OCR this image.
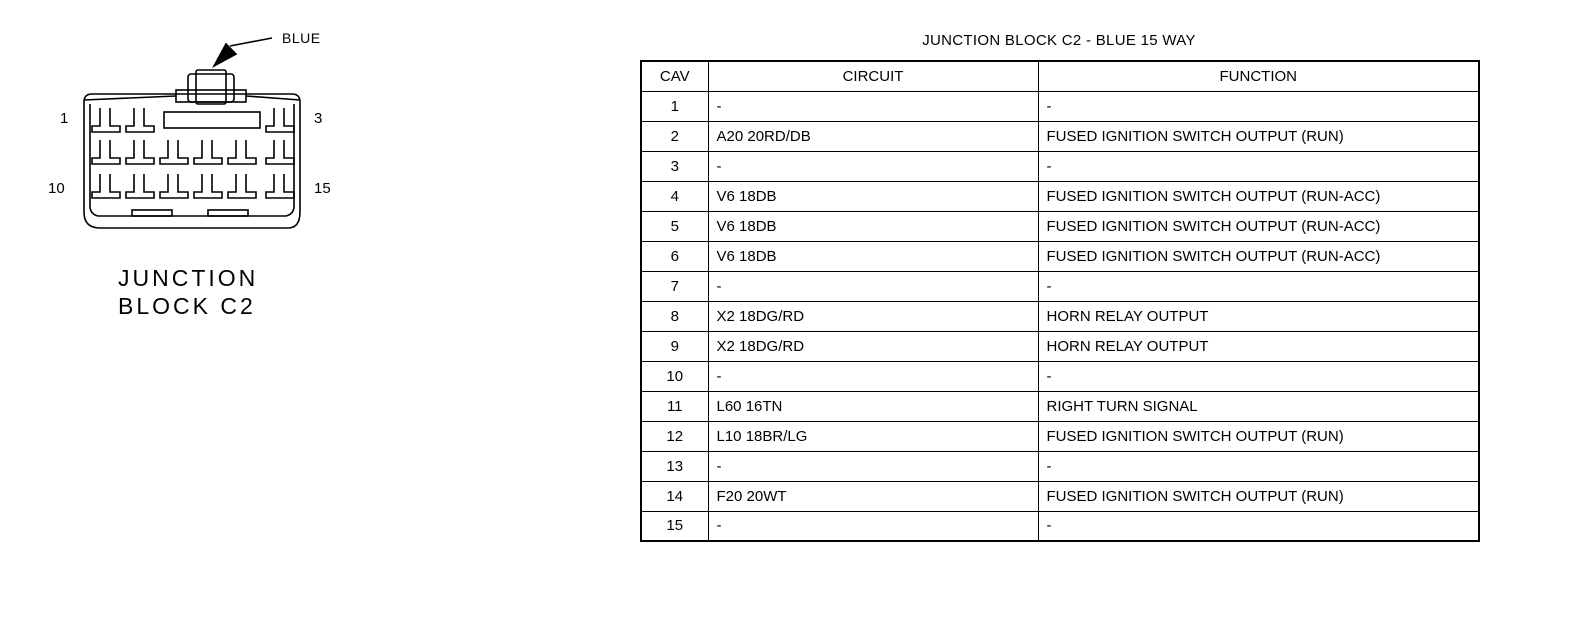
1	3
10	15
BLUE
JUNCTION
BLOCK C2
JUNCTION BLOCK C2 - BLUE 15 WAY
CAV	CIRCUIT	FUNCTION
1	-	-
2	A20 20RD/DB	FUSED IGNITION SWITCH OUTPUT (RUN)
3	-	-
4	V6 18DB	FUSED IGNITION SWITCH OUTPUT (RUN-ACC)
5	V6 18DB	FUSED IGNITION SWITCH OUTPUT (RUN-ACC)
6	V6 18DB	FUSED IGNITION SWITCH OUTPUT (RUN-ACC)
7	-	-
8	X2 18DG/RD	HORN RELAY OUTPUT
9	X2 18DG/RD	HORN RELAY OUTPUT
10	-	-
11	L60 16TN	RIGHT TURN SIGNAL
12	L10 18BR/LG	FUSED IGNITION SWITCH OUTPUT (RUN)
13	-	-
14	F20 20WT	FUSED IGNITION SWITCH OUTPUT (RUN)
15	-	-
